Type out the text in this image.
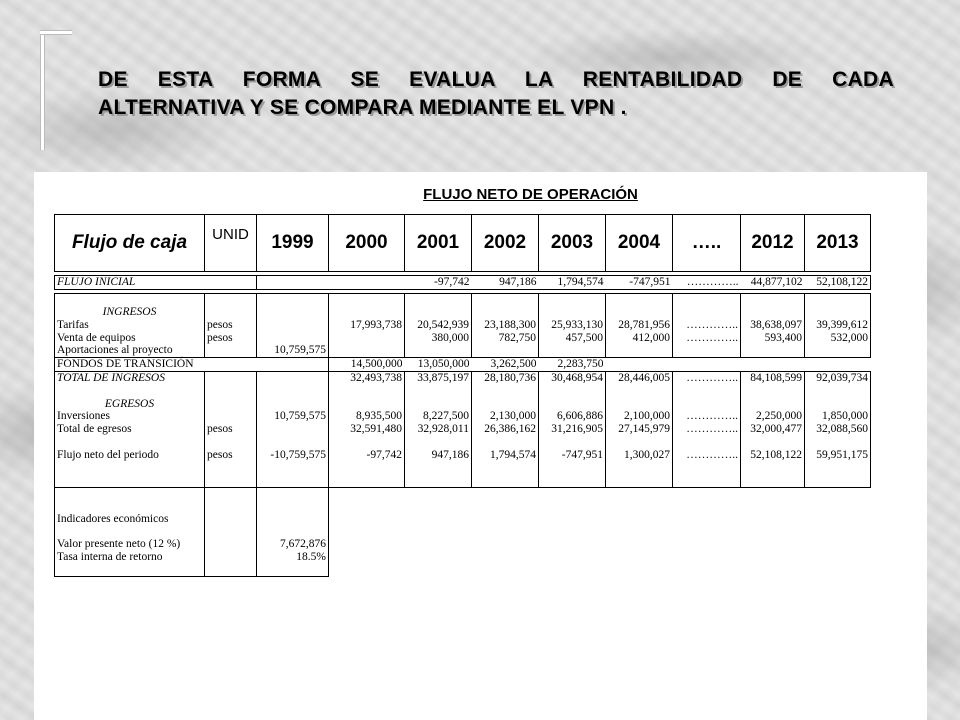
DE ESTA FORMA SE EVALUA LA RENTABILIDAD DE CADA
ALTERNATIVA Y SE COMPARA MEDIANTE EL VPN .
FLUJO NETO DE OPERACIÓN
Flujo de caja	UNID	1999	2000	2001	2002	2003	2004	…..	2012	2013

FLUJO INICIAL				-97,742	947,186	1,794,574	-747,951	…………..	44,877,102	52,108,122

INGRESOS										
Tarifas	pesos		17,993,738	20,542,939	23,188,300	25,933,130	28,781,956	…………..	38,638,097	39,399,612
Venta de equipos	pesos			380,000	782,750	457,500	412,000	…………..	593,400	532,000
Aportaciones al proyecto		10,759,575								
FONDOS DE TRANSICIÓN			14,500,000	13,050,000	3,262,500	2,283,750				
TOTAL DE INGRESOS			32,493,738	33,875,197	28,180,736	30,468,954	28,446,005	…………..	84,108,599	92,039,734

EGRESOS										
Inversiones		10,759,575	8,935,500	8,227,500	2,130,000	6,606,886	2,100,000	…………..	2,250,000	1,850,000
Total de egresos	pesos		32,591,480	32,928,011	26,386,162	31,216,905	27,145,979	…………..	32,000,477	32,088,560

Flujo neto del periodo	pesos	-10,759,575	-97,742	947,186	1,794,574	-747,951	1,300,027	…………..	52,108,122	59,951,175

Indicadores económicos										

Valor presente neto (12 %)		7,672,876								
Tasa interna de retorno		18.5%								
